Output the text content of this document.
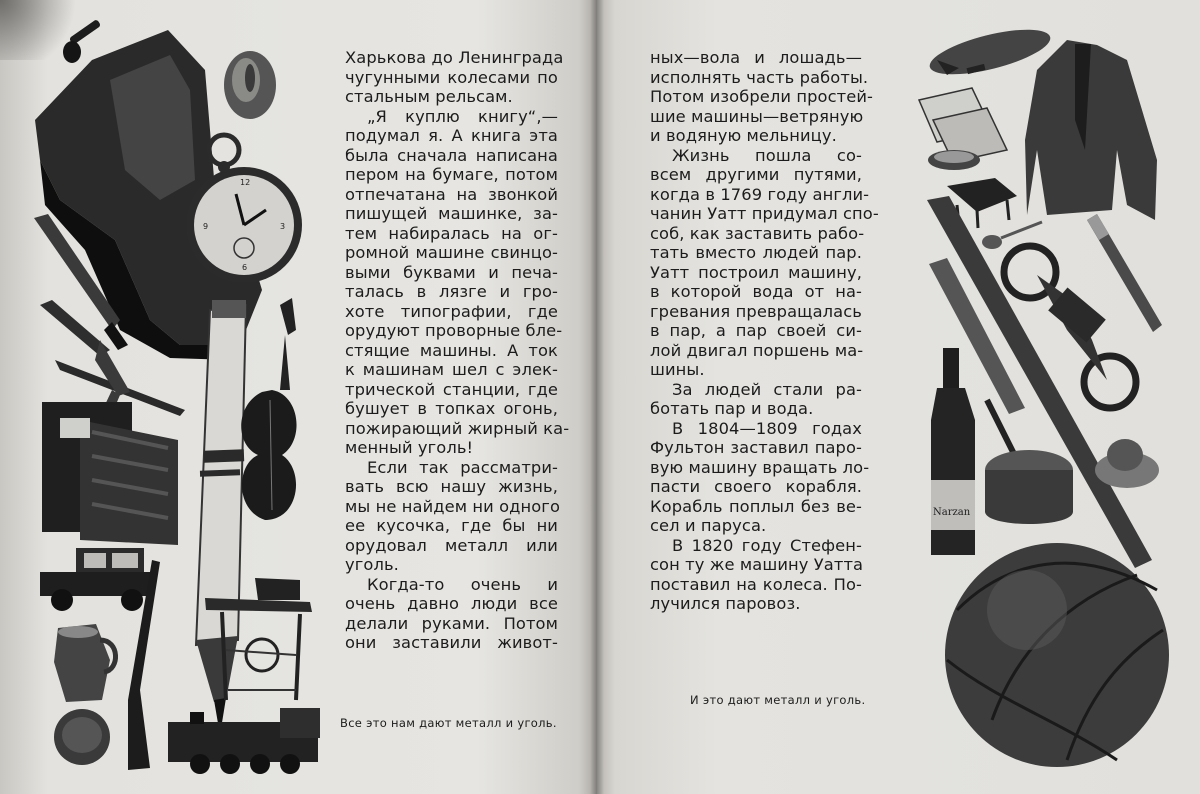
12
3
6
9
Харькова до Ленинграда
чугунными колесами по
стальным рельсам.
„Я куплю книгу“,—
подумал я. А книга эта
была сначала написана
пером на бумаге, потом
отпечатана на звонкой
пишущей машинке, за-
тем набиралась на ог-
ромной машине свинцо-
выми буквами и печа-
талась в лязге и гро-
хоте типографии, где
орудуют проворные бле-
стящие машины. А ток
к машинам шел с элек-
трической станции, где
бушует в топках огонь,
пожирающий жирный ка-
менный уголь!
Если так рассматри-
вать всю нашу жизнь,
мы не найдем ни одного
ее кусочка, где бы ни
орудовал металл или
уголь.
Когда-то очень и
очень давно люди все
делали руками. Потом
они заставили живот-
Все это нам дают металл и уголь.
Narzan
ных—вола и лошадь—
исполнять часть работы.
Потом изобрели простей-
шие машины—ветряную
и водяную мельницу.
Жизнь пошла со-
всем другими путями,
когда в 1769 году англи-
чанин Уатт придумал спо-
соб, как заставить рабо-
тать вместо людей пар.
Уатт построил машину,
в которой вода от на-
гревания превращалась
в пар, а пар своей си-
лой двигал поршень ма-
шины.
За людей стали ра-
ботать пар и вода.
В 1804—1809 годах
Фультон заставил паро-
вую машину вращать ло-
пасти своего корабля.
Корабль поплыл без ве-
сел и паруса.
В 1820 году Стефен-
сон ту же машину Уатта
поставил на колеса. По-
лучился паровоз.
И это дают металл и уголь.
